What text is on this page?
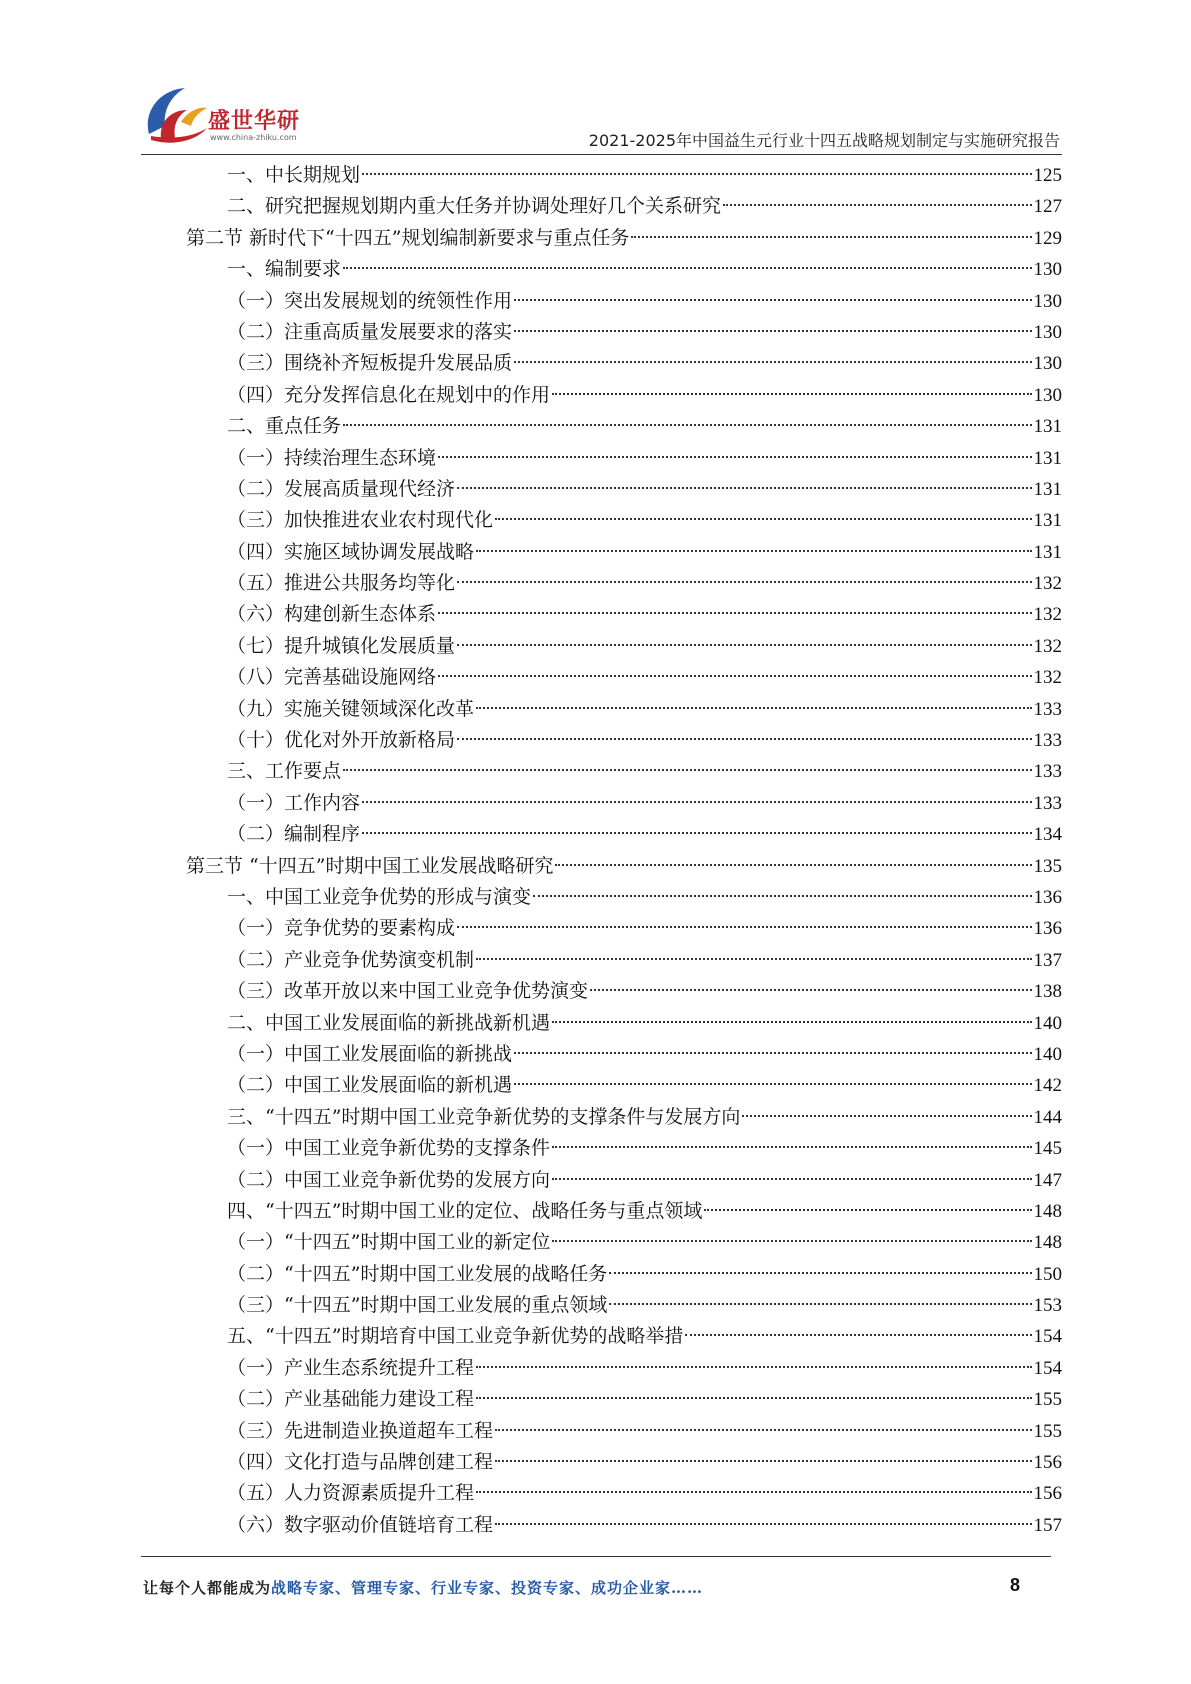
盛世华研
www.china-zhiku.com	2021-2025年中国益生元行业十四五战略规划制定与实施研究报告
一、中长期规划	125
二、研究把握规划期内重大任务并协调处理好几个关系研究	127
第二节 新时代下“十四五”规划编制新要求与重点任务	129
一、编制要求	130
（一）突出发展规划的统领性作用	130
（二）注重高质量发展要求的落实	130
（三）围绕补齐短板提升发展品质	130
（四）充分发挥信息化在规划中的作用	130
二、重点任务	131
（一）持续治理生态环境	131
（二）发展高质量现代经济	131
（三）加快推进农业农村现代化	131
（四）实施区域协调发展战略	131
（五）推进公共服务均等化	132
（六）构建创新生态体系	132
（七）提升城镇化发展质量	132
（八）完善基础设施网络	132
（九）实施关键领域深化改革	133
（十）优化对外开放新格局	133
三、工作要点	133
（一）工作内容	133
（二）编制程序	134
第三节 “十四五”时期中国工业发展战略研究	135
一、中国工业竞争优势的形成与演变	136
（一）竞争优势的要素构成	136
（二）产业竞争优势演变机制	137
（三）改革开放以来中国工业竞争优势演变	138
二、中国工业发展面临的新挑战新机遇	140
（一）中国工业发展面临的新挑战	140
（二）中国工业发展面临的新机遇	142
三、“十四五”时期中国工业竞争新优势的支撑条件与发展方向	144
（一）中国工业竞争新优势的支撑条件	145
（二）中国工业竞争新优势的发展方向	147
四、“十四五”时期中国工业的定位、战略任务与重点领域	148
（一）“十四五”时期中国工业的新定位	148
（二）“十四五”时期中国工业发展的战略任务	150
（三）“十四五”时期中国工业发展的重点领域	153
五、“十四五”时期培育中国工业竞争新优势的战略举措	154
（一）产业生态系统提升工程	154
（二）产业基础能力建设工程	155
（三）先进制造业换道超车工程	155
（四）文化打造与品牌创建工程	156
（五）人力资源素质提升工程	156
（六）数字驱动价值链培育工程	157
让每个人都能成为战略专家、管理专家、行业专家、投资专家、成功企业家……	8
